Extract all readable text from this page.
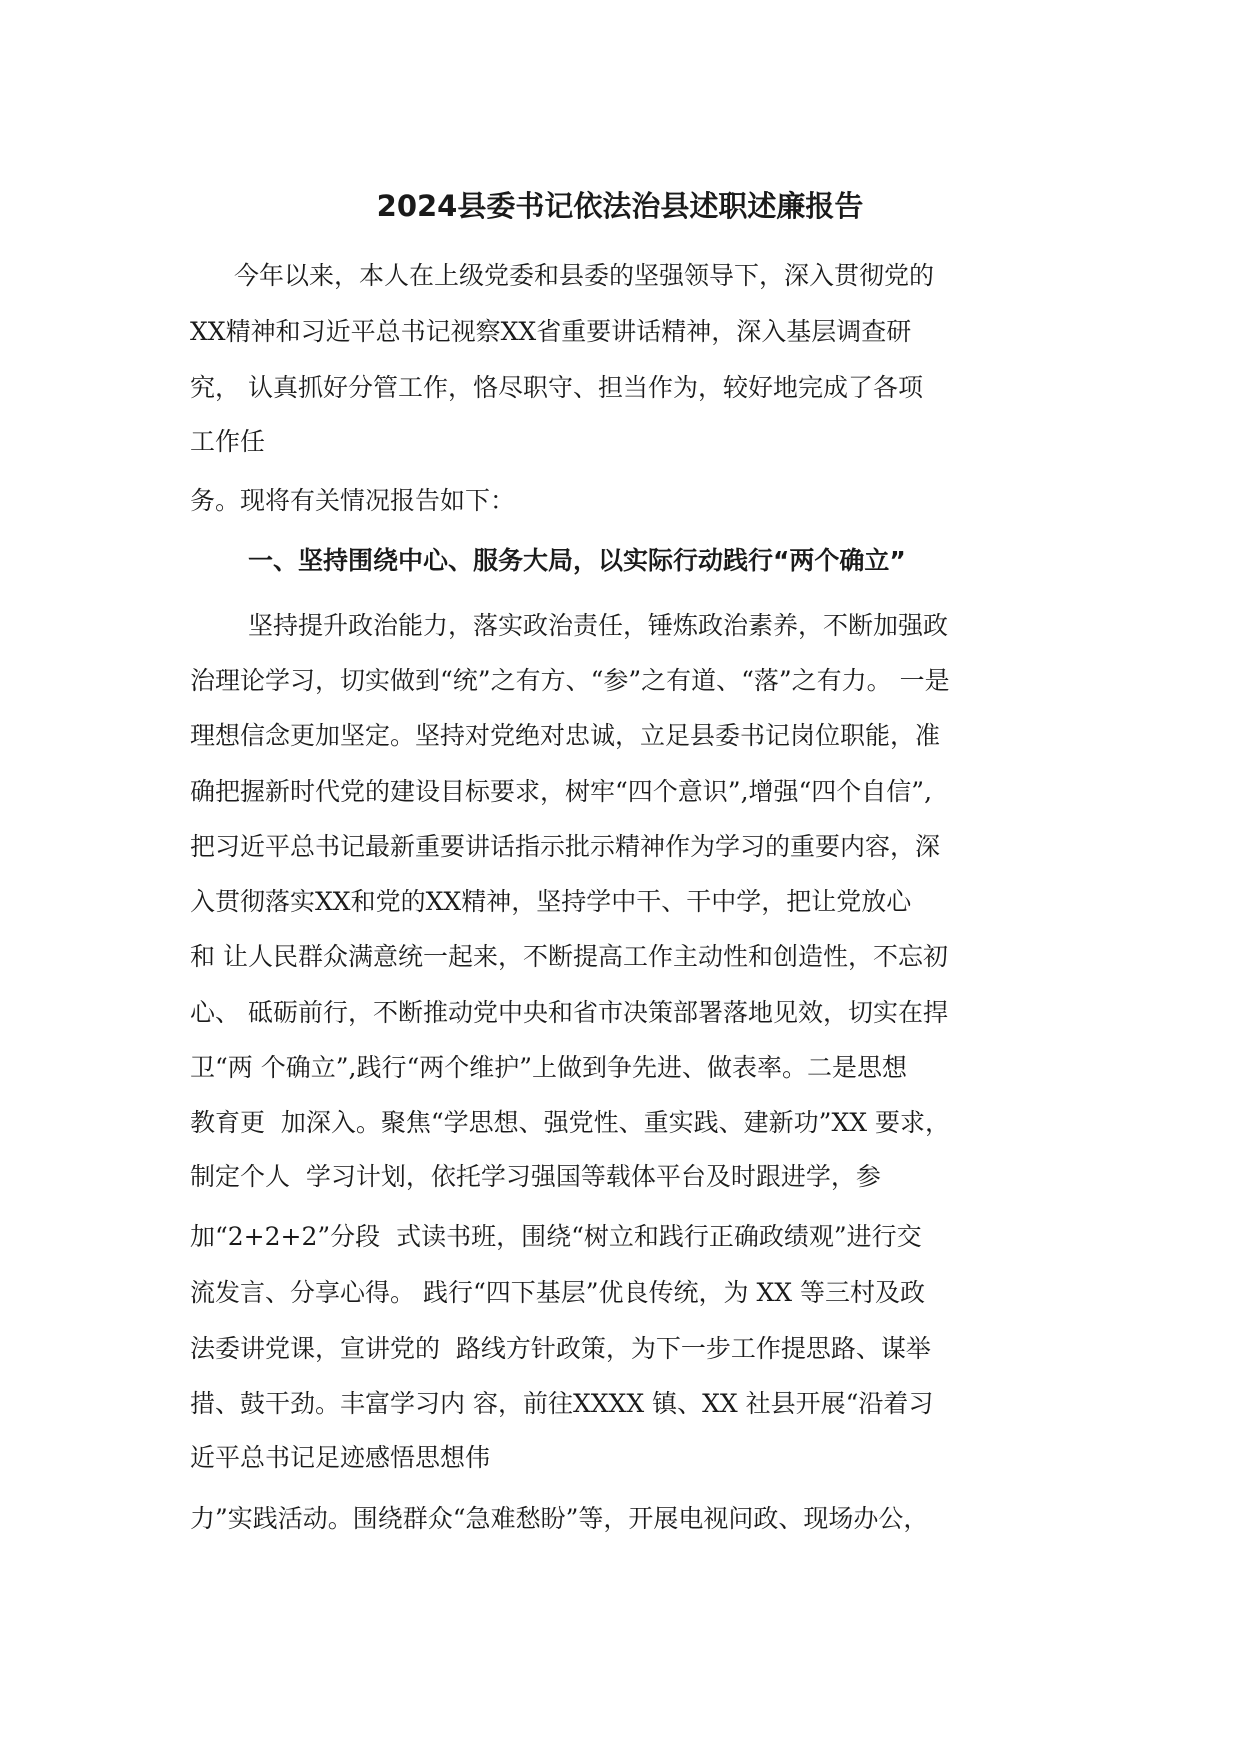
2024县委书记依法治县述职述廉报告

今年以来，本人在上级党委和县委的坚强领导下，深入贯彻党的

XX精神和习近平总书记视察XX省重要讲话精神，深入基层调查研

究， 认真抓好分管工作，恪尽职守、担当作为，较好地完成了各项

工作任

务。现将有关情况报告如下：

一、坚持围绕中心、服务大局，以实际行动践行“两个确立”

坚持提升政治能力，落实政治责任，锤炼政治素养，不断加强政

治理论学习，切实做到“统”之有方、“参”之有道、“落”之有力。 一是

理想信念更加坚定。坚持对党绝对忠诚，立足县委书记岗位职能，准

确把握新时代党的建设目标要求，树牢“四个意识”,增强“四个自信”,

把习近平总书记最新重要讲话指示批示精神作为学习的重要内容，深

入贯彻落实XX和党的XX精神，坚持学中干、干中学，把让党放心

和 让人民群众满意统一起来，不断提高工作主动性和创造性，不忘初

心、 砥砺前行，不断推动党中央和省市决策部署落地见效，切实在捍

卫“两 个确立”,践行“两个维护”上做到争先进、做表率。二是思想

教育更  加深入。聚焦“学思想、强党性、重实践、建新功”XX 要求，

制定个人  学习计划，依托学习强国等载体平台及时跟进学，参

加“2+2+2”分段  式读书班，围绕“树立和践行正确政绩观”进行交

流发言、分享心得。 践行“四下基层”优良传统，为 XX 等三村及政

法委讲党课，宣讲党的  路线方针政策，为下一步工作提思路、谋举

措、鼓干劲。丰富学习内 容，前往XXXX 镇、XX 社县开展“沿着习

近平总书记足迹感悟思想伟

力”实践活动。围绕群众“急难愁盼”等，开展电视问政、现场办公，
